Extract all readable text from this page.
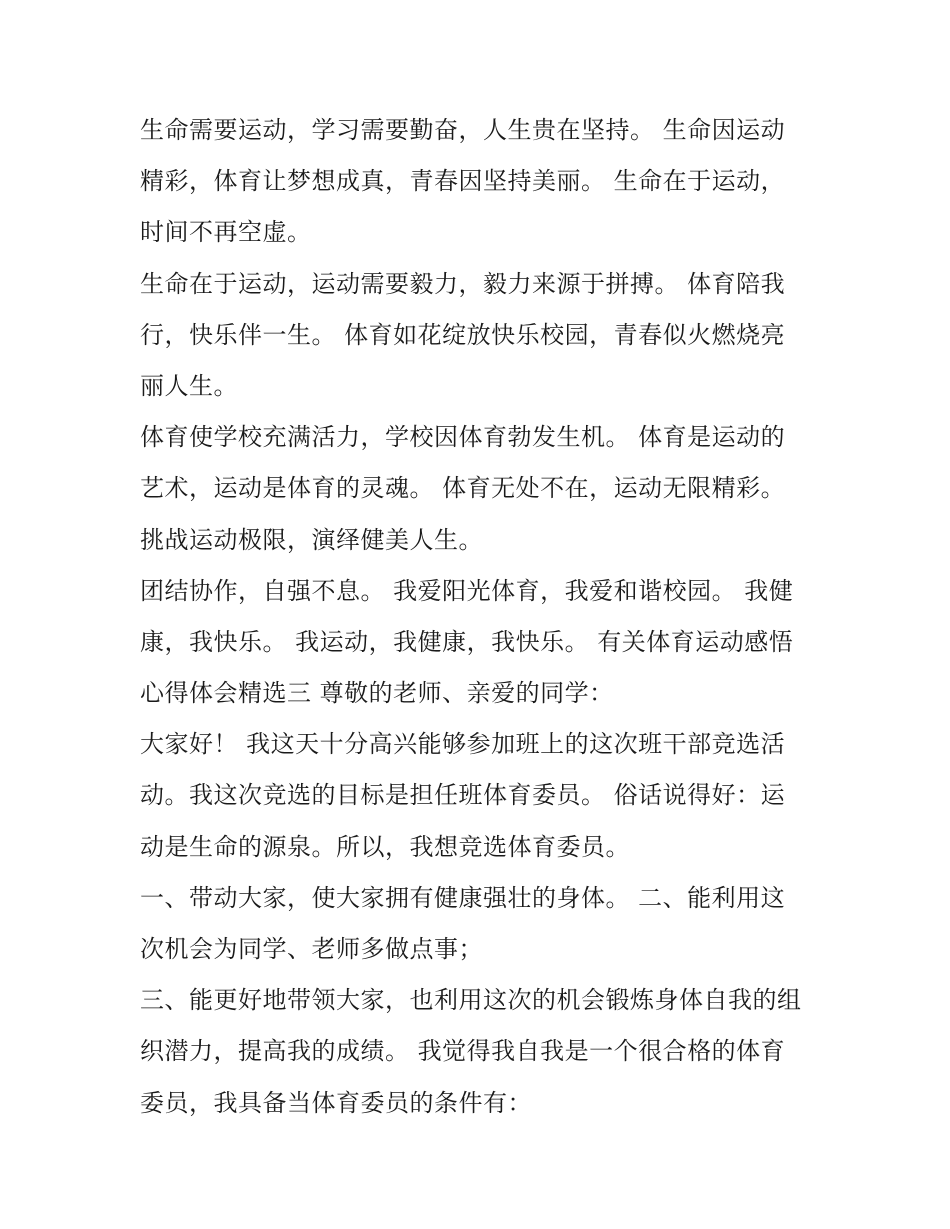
生命需要运动，学习需要勤奋，人生贵在坚持。 生命因运动
精彩，体育让梦想成真，青春因坚持美丽。 生命在于运动，
时间不再空虚。
生命在于运动，运动需要毅力，毅力来源于拼搏。 体育陪我
行，快乐伴一生。 体育如花绽放快乐校园，青春似火燃烧亮
丽人生。
体育使学校充满活力，学校因体育勃发生机。 体育是运动的
艺术，运动是体育的灵魂。 体育无处不在，运动无限精彩。
挑战运动极限，演绎健美人生。
团结协作，自强不息。 我爱阳光体育，我爱和谐校园。 我健
康，我快乐。 我运动，我健康，我快乐。 有关体育运动感悟
心得体会精选三 尊敬的老师、亲爱的同学：
大家好！ 我这天十分高兴能够参加班上的这次班干部竞选活
动。我这次竞选的目标是担任班体育委员。 俗话说得好：运
动是生命的源泉。所以，我想竞选体育委员。
一、带动大家，使大家拥有健康强壮的身体。 二、能利用这
次机会为同学、老师多做点事；
三、能更好地带领大家，也利用这次的机会锻炼身体自我的组
织潜力，提高我的成绩。 我觉得我自我是一个很合格的体育
委员，我具备当体育委员的条件有：
